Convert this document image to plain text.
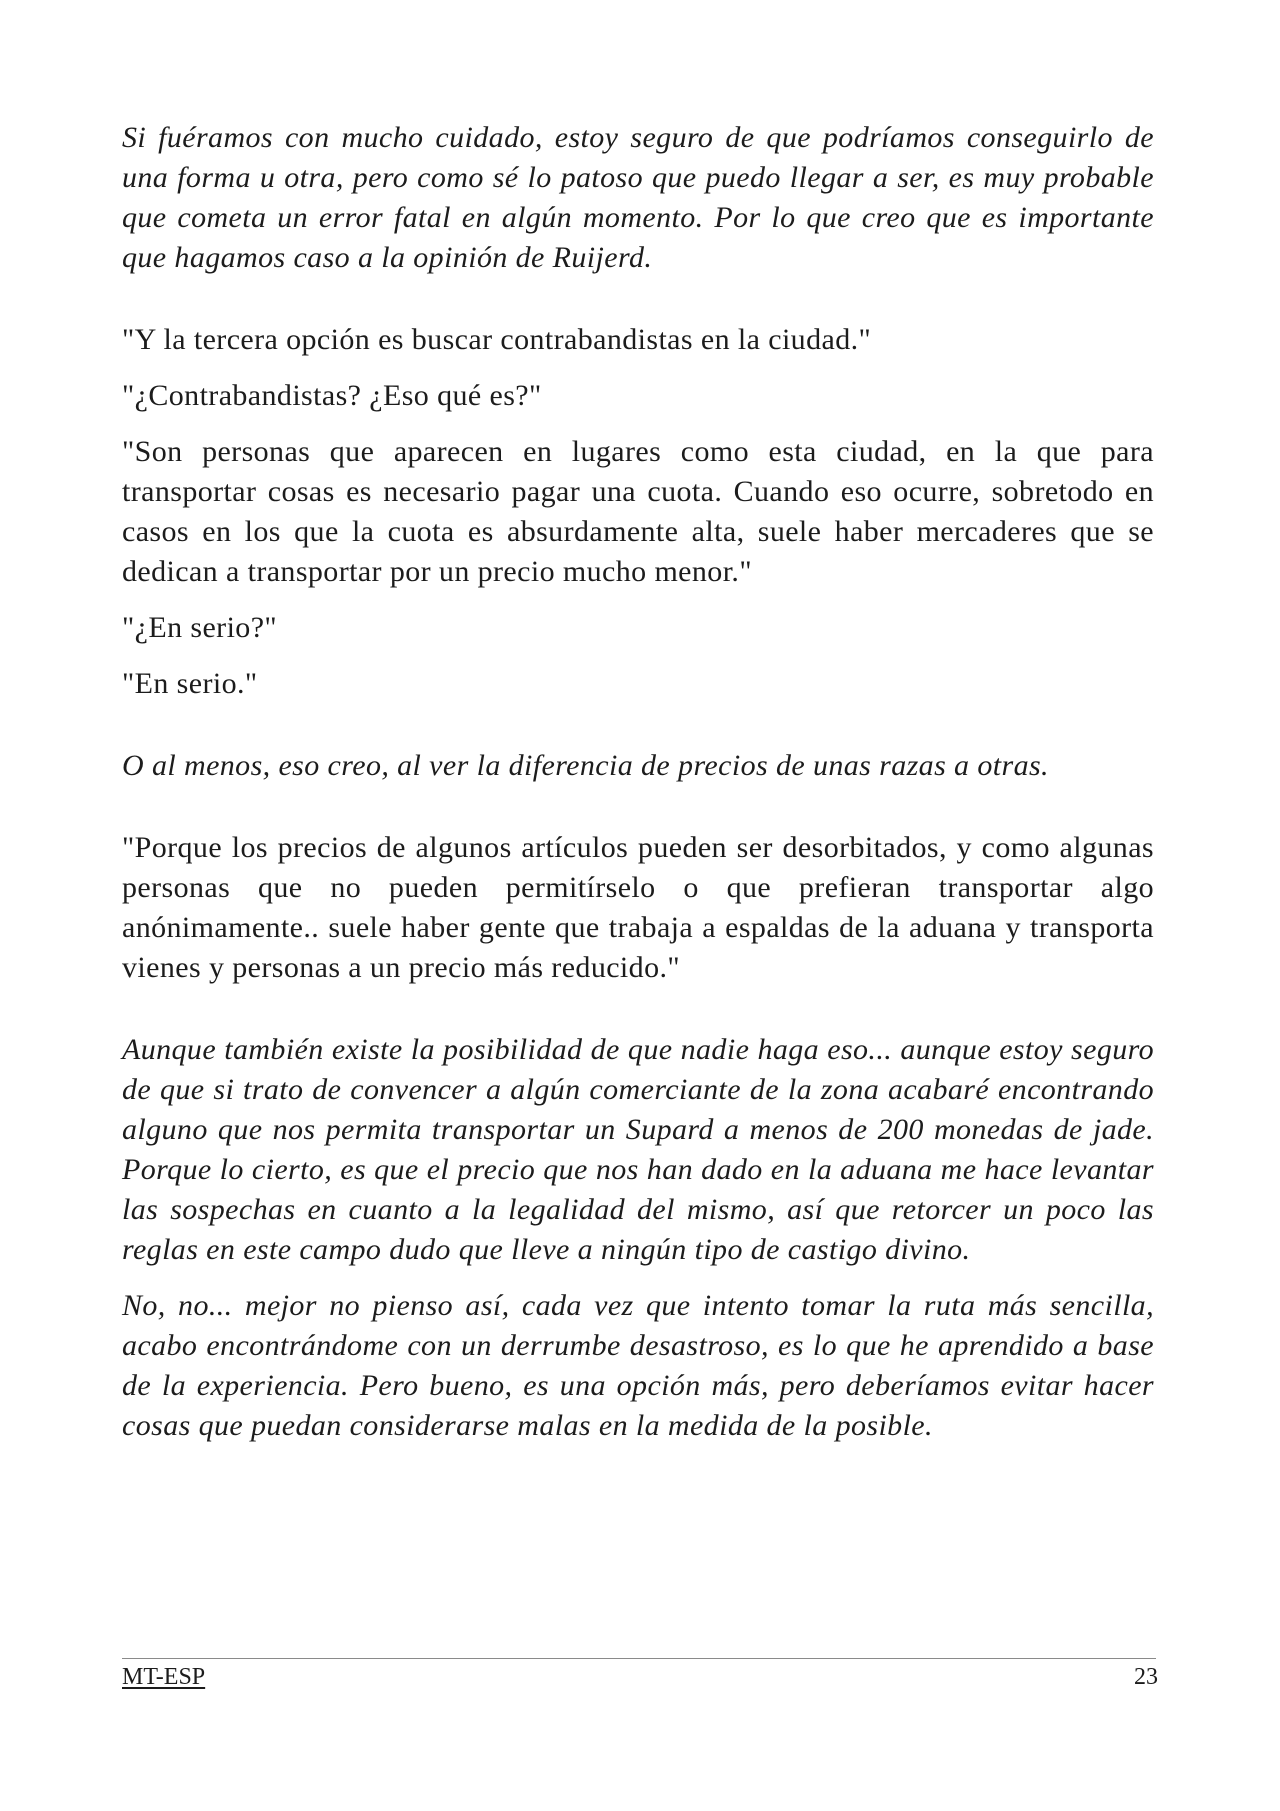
Si fuéramos con mucho cuidado, estoy seguro de que podríamos conseguirlo de una forma u otra, pero como sé lo patoso que puedo llegar a ser, es muy probable que cometa un error fatal en algún momento. Por lo que creo que es importante que hagamos caso a la opinión de Ruijerd.

"Y la tercera opción es buscar contrabandistas en la ciudad."

"¿Contrabandistas? ¿Eso qué es?"

"Son personas que aparecen en lugares como esta ciudad, en la que para transportar cosas es necesario pagar una cuota. Cuando eso ocurre, sobretodo en casos en los que la cuota es absurdamente alta, suele haber mercaderes que se dedican a transportar por un precio mucho menor."

"¿En serio?"

"En serio."

O al menos, eso creo, al ver la diferencia de precios de unas razas a otras.

"Porque los precios de algunos artículos pueden ser desorbitados, y como algunas personas que no pueden permitírselo o que prefieran transportar algo anónimamente.. suele haber gente que trabaja a espaldas de la aduana y transporta vienes y personas a un precio más reducido."

Aunque también existe la posibilidad de que nadie haga eso... aunque estoy seguro de que si trato de convencer a algún comerciante de la zona acabaré encontrando alguno que nos permita transportar un Supard a menos de 200 monedas de jade. Porque lo cierto, es que el precio que nos han dado en la aduana me hace levantar las sospechas en cuanto a la legalidad del mismo, así que retorcer un poco las reglas en este campo dudo que lleve a ningún tipo de castigo divino.

No, no... mejor no pienso así, cada vez que intento tomar la ruta más sencilla, acabo encontrándome con un derrumbe desastroso, es lo que he aprendido a base de la experiencia. Pero bueno, es una opción más, pero deberíamos evitar hacer cosas que puedan considerarse malas en la medida de la posible.

MT-ESP	23
